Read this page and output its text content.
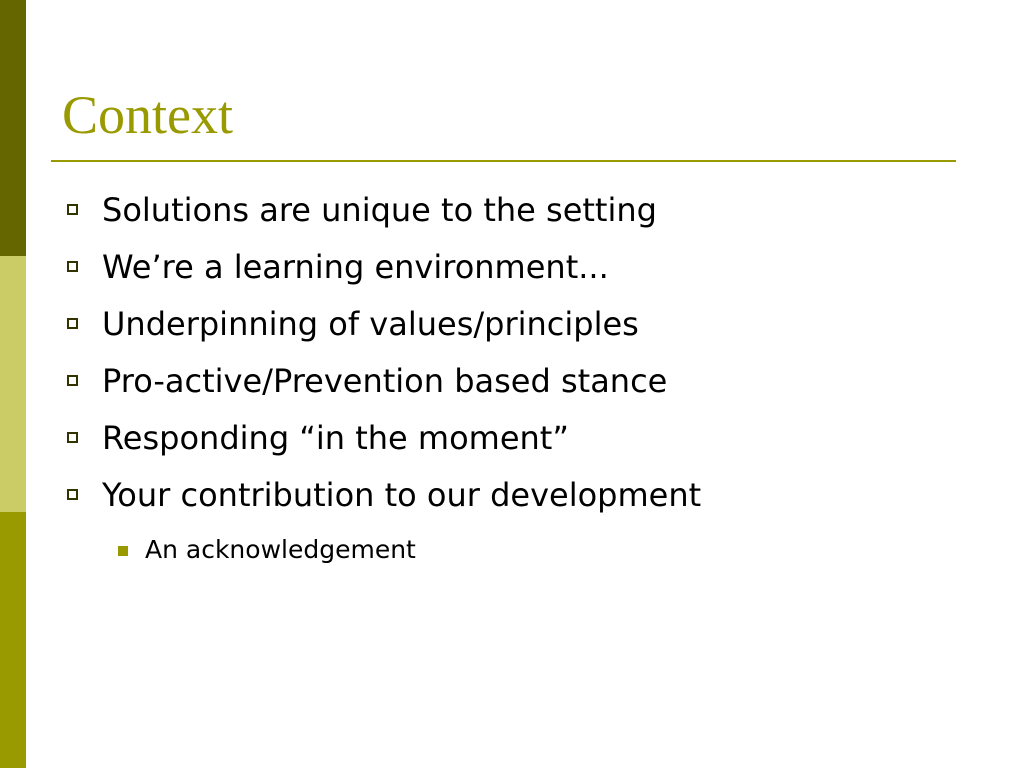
Context
Solutions are unique to the setting
We’re a learning environment...
Underpinning of values/principles
Pro-active/Prevention based stance
Responding “in the moment”
Your contribution to our development
An acknowledgement
